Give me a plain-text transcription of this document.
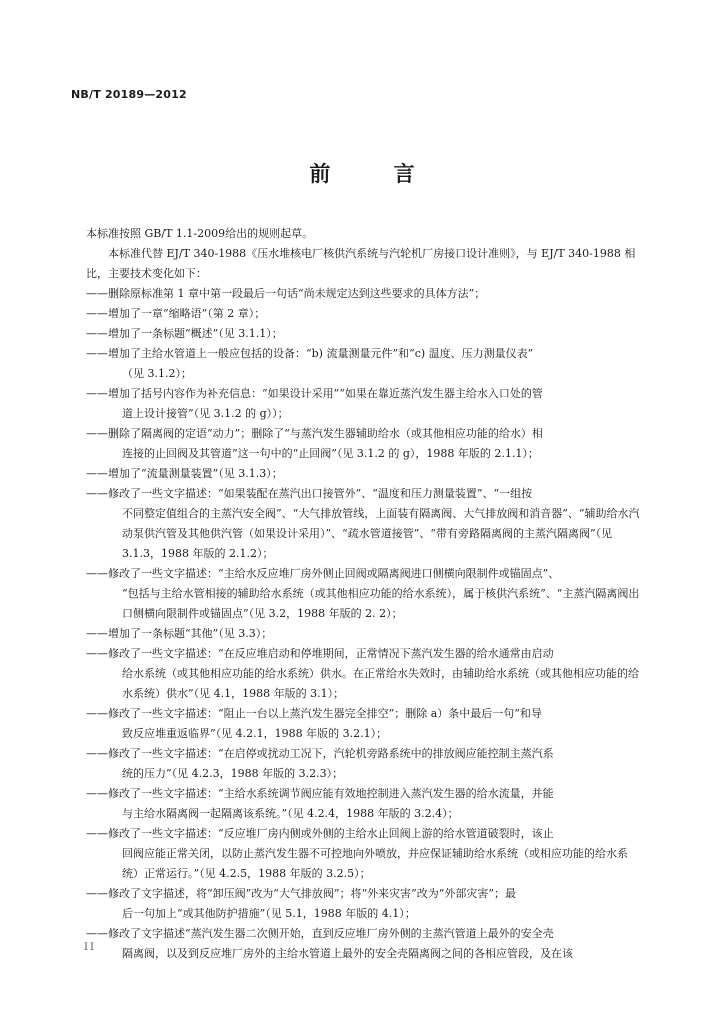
NB/T 20189—2012

前 言

本标准按照 GB/T 1.1-2009给出的规则起草。

本标准代替 EJ/T 340-1988《压水堆核电厂核供汽系统与汽轮机厂房接口设计准则》，与 EJ/T 340-1988 相比，主要技术变化如下：

——删除原标准第 1 章中第一段最后一句话“尚未规定达到这些要求的具体方法”；

——增加了一章“缩略语”（第 2 章）；

——增加了一条标题“概述”（见 3.1.1）；

——增加了主给水管道上一般应包括的设备：“b) 流量测量元件”和“c) 温度、压力测量仪表”
（见 3.1.2）；

——增加了括号内容作为补充信息：“如果设计采用”“如果在靠近蒸汽发生器主给水入口处的管
道上设计接管”（见 3.1.2 的 g））；

——删除了隔离阀的定语“动力”；删除了“与蒸汽发生器辅助给水（或其他相应功能的给水）相
连接的止回阀及其管道”这一句中的“止回阀”（见 3.1.2 的 g），1988 年版的 2.1.1）；

——增加了“流量测量装置”（见 3.1.3）；

——修改了一些文字描述：“如果装配在蒸汽出口接管外”、“温度和压力测量装置”、“一组按
不同整定值组合的主蒸汽安全阀”、“大气排放管线，上面装有隔离阀、大气排放阀和消音器”、“辅助给水汽动泵供汽管及其他供汽管（如果设计采用）”、“疏水管道接管”、“带有旁路隔离阀的主蒸汽隔离阀”（见 3.1.3，1988 年版的 2.1.2）；

——修改了一些文字描述：“主给水反应堆厂房外侧止回阀或隔离阀进口侧横向限制件或锚固点”、
“包括与主给水管相接的辅助给水系统（或其他相应功能的给水系统），属于核供汽系统”、“主蒸汽隔离阀出口侧横向限制件或锚固点”（见 3.2，1988 年版的 2. 2）；

——增加了一条标题“其他”（见 3.3）；

——修改了一些文字描述：“在反应堆启动和停堆期间，正常情况下蒸汽发生器的给水通常由启动
给水系统（或其他相应功能的给水系统）供水。在正常给水失效时，由辅助给水系统（或其他相应功能的给水系统）供水”（见 4.1，1988 年版的 3.1）；

——修改了一些文字描述：“阻止一台以上蒸汽发生器完全排空”；删除 a）条中最后一句“和导
致反应堆重返临界”（见 4.2.1，1988 年版的 3.2.1）；

——修改了一些文字描述：“在启停或扰动工况下，汽轮机旁路系统中的排放阀应能控制主蒸汽系
统的压力”（见 4.2.3，1988 年版的 3.2.3）；

——修改了一些文字描述：“主给水系统调节阀应能有效地控制进入蒸汽发生器的给水流量，并能
与主给水隔离阀一起隔离该系统。”（见 4.2.4，1988 年版的 3.2.4）；

——修改了一些文字描述：“反应堆厂房内侧或外侧的主给水止回阀上游的给水管道破裂时，该止
回阀应能正常关闭，以防止蒸汽发生器不可控地向外喷放，并应保证辅助给水系统（或相应功能的给水系统）正常运行。”（见 4.2.5，1988 年版的 3.2.5）；

——修改了文字描述，将“卸压阀”改为“大气排放阀”；将“外来灾害”改为“外部灾害”；最
后一句加上“或其他防护措施”（见 5.1，1988 年版的 4.1）；

——修改了文字描述“蒸汽发生器二次侧开始，直到反应堆厂房外侧的主蒸汽管道上最外的安全壳
隔离阀，以及到反应堆厂房外的主给水管道上最外的安全壳隔离阀之间的各相应管段，及在该

II
